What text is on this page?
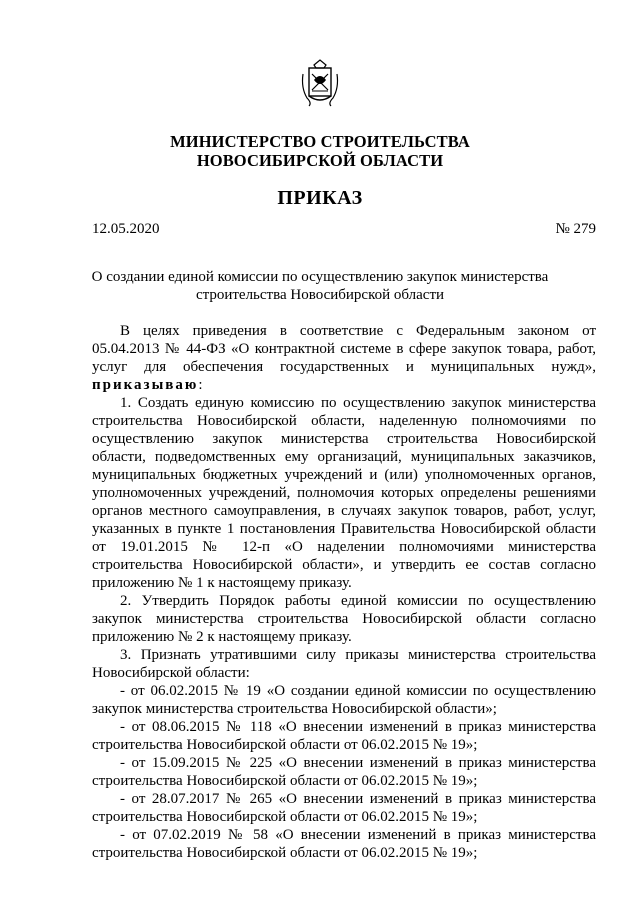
МИНИСТЕРСТВО СТРОИТЕЛЬСТВА
НОВОСИБИРСКОЙ ОБЛАСТИ
ПРИКАЗ
12.05.2020	№ 279
О создании единой комиссии по осуществлению закупок министерства
строительства Новосибирской области
В целях приведения в соответствие с Федеральным законом от
05.04.2013 № 44-ФЗ «О контрактной системе в сфере закупок товара, работ,
услуг для обеспечения государственных и муниципальных нужд»,
приказываю:
1. Создать единую комиссию по осуществлению закупок министерства
строительства Новосибирской области, наделенную полномочиями по
осуществлению закупок министерства строительства Новосибирской
области, подведомственных ему организаций, муниципальных заказчиков,
муниципальных бюджетных учреждений и (или) уполномоченных органов,
уполномоченных учреждений, полномочия которых определены решениями
органов местного самоуправления, в случаях закупок товаров, работ, услуг,
указанных в пункте 1 постановления Правительства Новосибирской области
от 19.01.2015 № 12-п «О наделении полномочиями министерства
строительства Новосибирской области», и утвердить ее состав согласно
приложению № 1 к настоящему приказу.
2. Утвердить Порядок работы единой комиссии по осуществлению
закупок министерства строительства Новосибирской области согласно
приложению № 2 к настоящему приказу.
3. Признать утратившими силу приказы министерства строительства
Новосибирской области:
- от 06.02.2015 № 19 «О создании единой комиссии по осуществлению
закупок министерства строительства Новосибирской области»;
- от 08.06.2015 № 118 «О внесении изменений в приказ министерства
строительства Новосибирской области от 06.02.2015 № 19»;
- от 15.09.2015 № 225 «О внесении изменений в приказ министерства
строительства Новосибирской области от 06.02.2015 № 19»;
- от 28.07.2017 № 265 «О внесении изменений в приказ министерства
строительства Новосибирской области от 06.02.2015 № 19»;
- от 07.02.2019 № 58 «О внесении изменений в приказ министерства
строительства Новосибирской области от 06.02.2015 № 19»;
